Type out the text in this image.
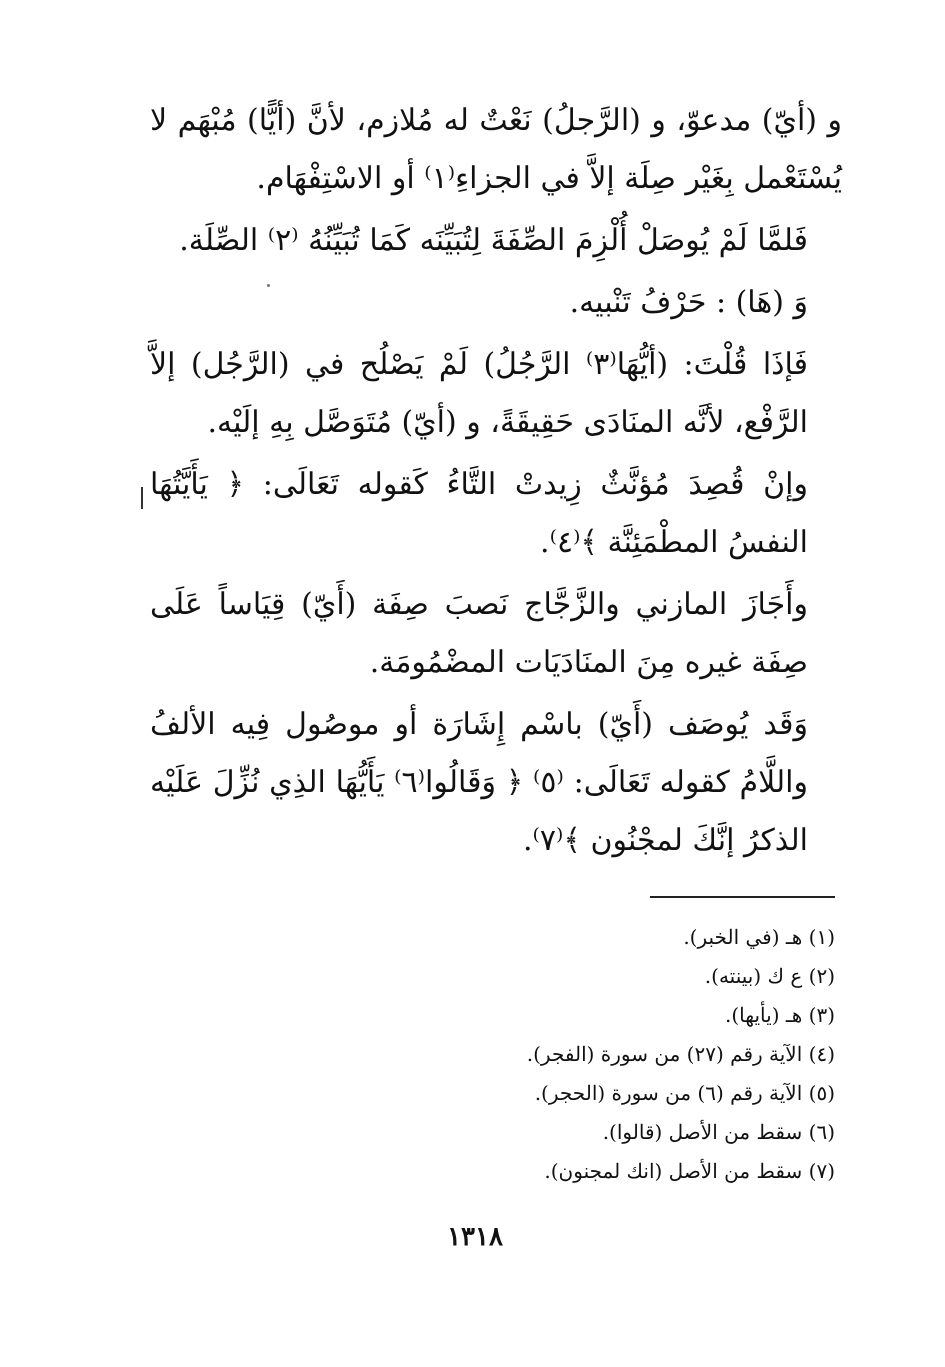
و (أيّ) مدعوّ، و (الرَّجلُ) نَعْتٌ له مُلازم، لأنَّ (أيًّا) مُبْهَم لا يُسْتَعْمل بِغَيْر صِلَة إلاَّ في الجزاءِ⁽١⁾ أو الاسْتِفْهَام.

فَلمَّا لَمْ يُوصَلْ أُلْزِمَ الصِّفَةَ لِتُبَيِّنَه كَمَا تُبَيِّنُهُ ⁽٢⁾ الصِّلَة.

وَ (هَا) : حَرْفُ تَنْبيه.

فَإذَا قُلْتَ: (أيُّهَا⁽٣⁾ الرَّجُلُ) لَمْ يَصْلُح في (الرَّجُل) إلاَّ الرَّفْع، لأنَّه المنَادَى حَقِيقَةً، و (أيّ) مُتَوَصَّل بِهِ إلَيْه.

وإنْ قُصِدَ مُؤنَّثٌ زِيدتْ التَّاءُ كَقوله تَعَالَى: ﴿ يَأَيَّتُهَا النفسُ المطْمَئِنَّة ﴾⁽٤⁾.

وأَجَازَ المازني والزَّجَّاج نَصبَ صِفَة (أَيّ) قِيَاساً عَلَى صِفَة غيره مِنَ المنَادَيَات المضْمُومَة.

وَقَد يُوصَف (أَيّ) باسْم إِشَارَة أو موصُول فِيه الألفُ واللَّامُ كقوله تَعَالَى: ⁽٥⁾ ﴿ وَقَالُوا⁽٦⁾ يَأَيُّهَا الذِي نُزِّلَ عَلَيْه الذكرُ إنَّكَ لمجْنُون ﴾⁽٧⁾.

(١) هـ (في الخبر).
(٢) ع ك (بينته).
(٣) هـ (يأيها).
(٤) الآية رقم (٢٧) من سورة (الفجر).
(٥) الآية رقم (٦) من سورة (الحجر).
(٦) سقط من الأصل (قالوا).
(٧) سقط من الأصل (انك لمجنون).
١٣١٨
